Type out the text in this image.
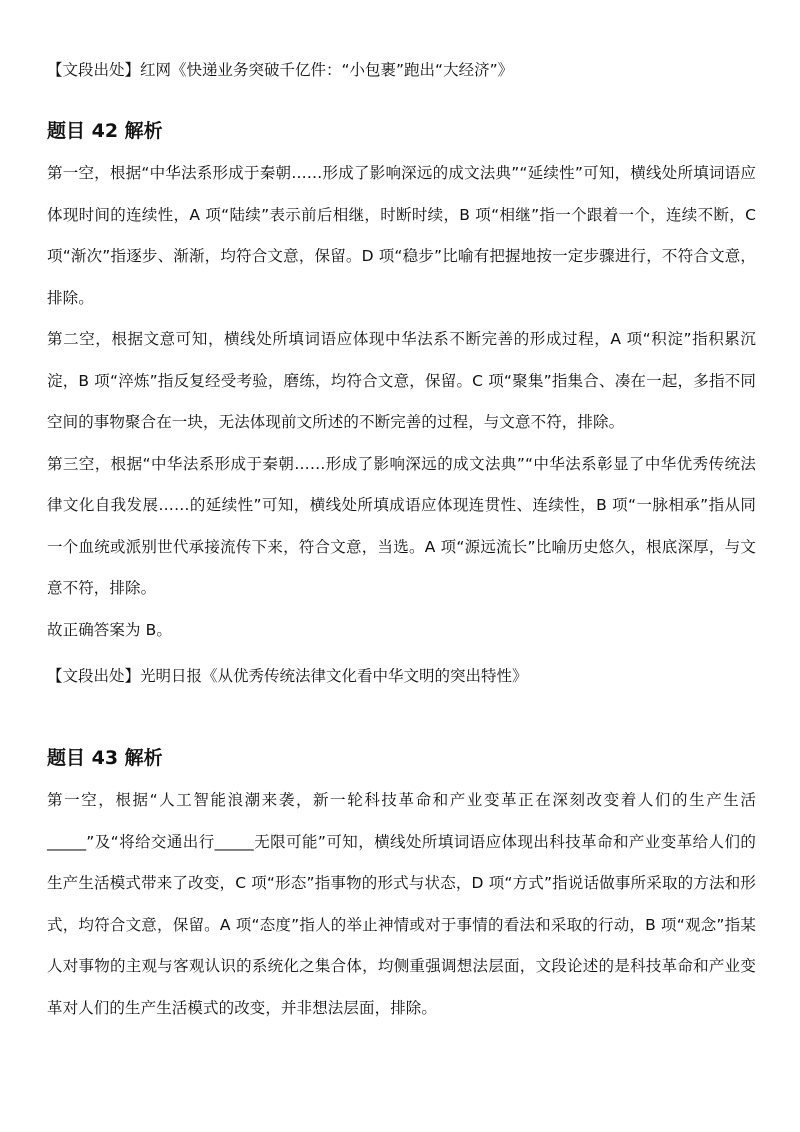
【文段出处】红网《快递业务突破千亿件：“小包裹”跑出“大经济”》

题目 42 解析

第一空，根据“中华法系形成于秦朝……形成了影响深远的成文法典”“延续性”可知，横线处所填词语应体现时间的连续性，A 项“陆续”表示前后相继，时断时续，B 项“相继”指一个跟着一个，连续不断，C 项“渐次”指逐步、渐渐，均符合文意，保留。D 项“稳步”比喻有把握地按一定步骤进行，不符合文意，排除。

第二空，根据文意可知，横线处所填词语应体现中华法系不断完善的形成过程，A 项“积淀”指积累沉淀，B 项“淬炼”指反复经受考验，磨练，均符合文意，保留。C 项“聚集”指集合、凑在一起，多指不同空间的事物聚合在一块，无法体现前文所述的不断完善的过程，与文意不符，排除。

第三空，根据“中华法系形成于秦朝……形成了影响深远的成文法典”“中华法系彰显了中华优秀传统法律文化自我发展……的延续性”可知，横线处所填成语应体现连贯性、连续性，B 项“一脉相承”指从同一个血统或派别世代承接流传下来，符合文意，当选。A 项“源远流长”比喻历史悠久，根底深厚，与文意不符，排除。

故正确答案为 B。

【文段出处】光明日报《从优秀传统法律文化看中华文明的突出特性》

题目 43 解析

第一空，根据“人工智能浪潮来袭，新一轮科技革命和产业变革正在深刻改变着人们的生产生活_____”及“将给交通出行_____无限可能”可知，横线处所填词语应体现出科技革命和产业变革给人们的生产生活模式带来了改变，C 项“形态”指事物的形式与状态，D 项“方式”指说话做事所采取的方法和形式，均符合文意，保留。A 项“态度”指人的举止神情或对于事情的看法和采取的行动，B 项“观念”指某人对事物的主观与客观认识的系统化之集合体，均侧重强调想法层面，文段论述的是科技革命和产业变革对人们的生产生活模式的改变，并非想法层面，排除。
